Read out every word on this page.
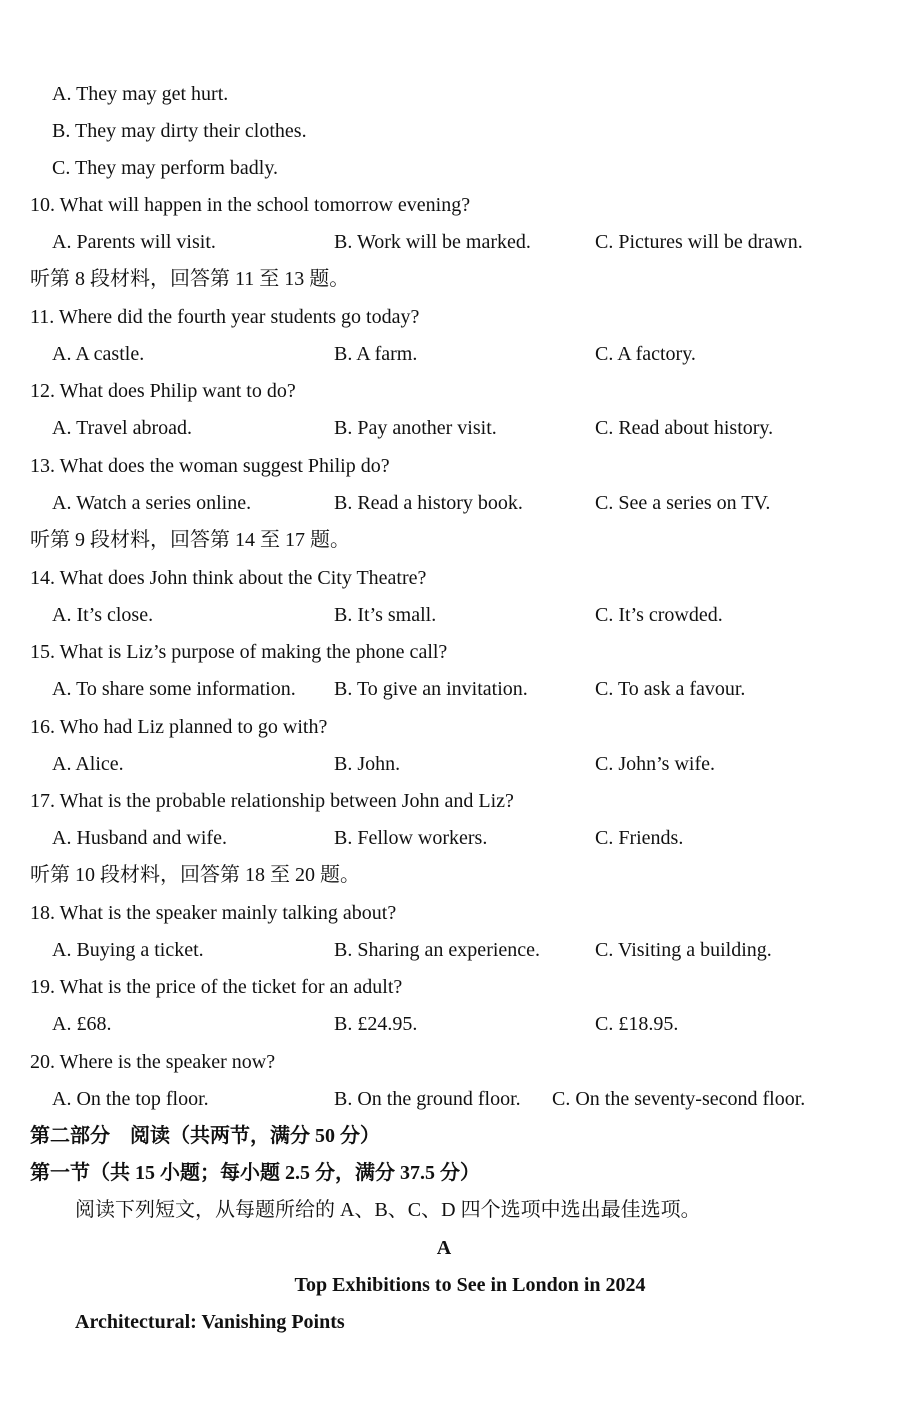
A. They may get hurt.
B. They may dirty their clothes.
C. They may perform badly.
10. What will happen in the school tomorrow evening?
A. Parents will visit.	B. Work will be marked.	C. Pictures will be drawn.
听第 8 段材料，回答第 11 至 13 题。
11. Where did the fourth year students go today?
A. A castle.	B. A farm.	C. A factory.
12. What does Philip want to do?
A. Travel abroad.	B. Pay another visit.	C. Read about history.
13. What does the woman suggest Philip do?
A. Watch a series online.	B. Read a history book.	C. See a series on TV.
听第 9 段材料，回答第 14 至 17 题。
14. What does John think about the City Theatre?
A. It’s close.	B. It’s small.	C. It’s crowded.
15. What is Liz’s purpose of making the phone call?
A. To share some information. B. To give an invitation.	C. To ask a favour.
16. Who had Liz planned to go with?
A. Alice.	B. John.	C. John’s wife.
17. What is the probable relationship between John and Liz?
A. Husband and wife.	B. Fellow workers.	C. Friends.
听第 10 段材料，回答第 18 至 20 题。
18. What is the speaker mainly talking about?
A. Buying a ticket.	B. Sharing an experience.	C. Visiting a building.
19. What is the price of the ticket for an adult?
A. £68.	B. £24.95.	C. £18.95.
20. Where is the speaker now?
A. On the top floor.	B. On the ground floor. C. On the seventy-second floor.
第二部分　阅读（共两节，满分 50 分）
第一节（共 15 小题；每小题 2.5 分，满分 37.5 分）
阅读下列短文，从每题所给的 A、B、C、D 四个选项中选出最佳选项。
A
Top Exhibitions to See in London in 2024
Architectural: Vanishing Points
